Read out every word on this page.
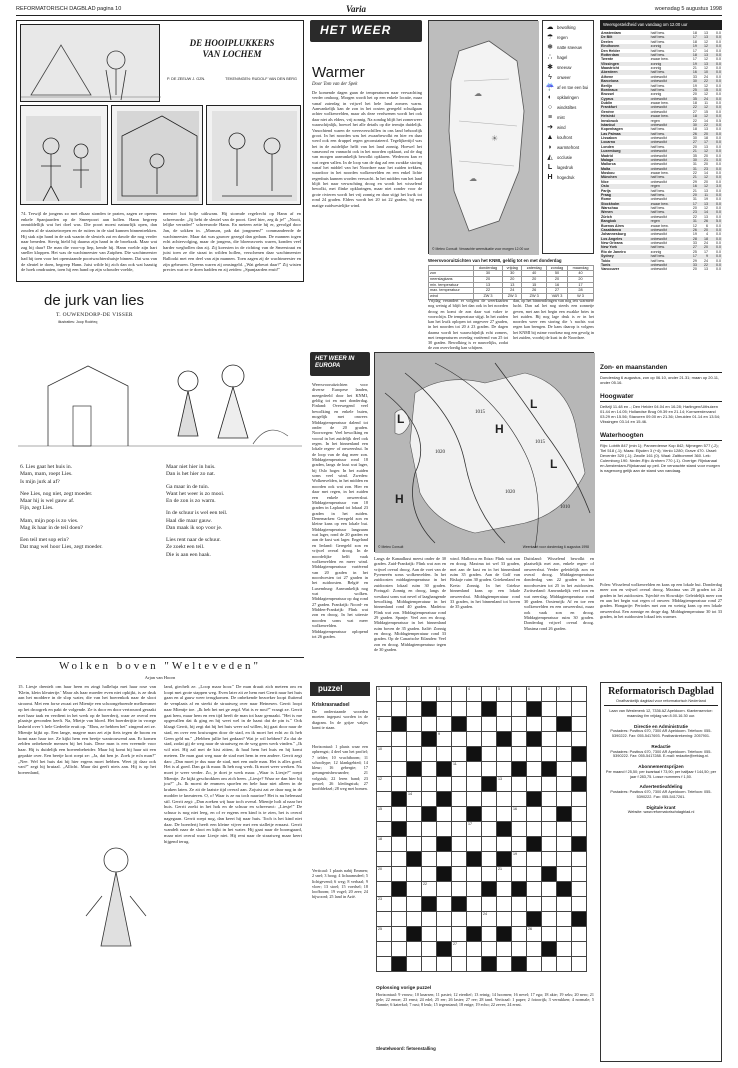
REFORMATORISCH DAGBLAD pagina 10	Varia	woensdag 5 augustus 1998
DE HOOIPLUKKERS
VAN LOCHEM
P. DE ZEEUW J. GZN.	TEKENINGEN: RUDOLF VAN DEN BERG
74. Terwijl de jongens zo met elkaar stonden te praten, zagen ze opeens enkele Spanjaarden op de Smeepoort aan hollen. Hann begreep onmiddellijk wat het doel was. Die poort moest natuurlijk open, dan zouden al de staatsetroepen en de ruiters in de stad kunnen binnentrekken. Hij stak zijn hand in de zak waarin de sleutels zat en dawde die nog verder naar beneden. Stevig hield hij daarna zijn hand in de broekzak. Maar wat zag hij daar? De man die voor-op liep, kende hij. Hann voelde zijn hart sneller kloppen. Het was de wachtmeester van Zutphen. Die wachtmeester had hij toen voor het openstaande poortwachtershuisje binnen. Dat was van de sleutel te doen, begreep Hann. Juist wilde hij zich dan ook wat haastig de hoek omdraaien, toen hij een hand op zijn schouder voelde,
meester hot bolje uitkwam. Hij stormde regelrecht op Hann af en schreeuwde: „Jij hebt de sleutel van de poort. Geef hier, zeg ik je!" „Nooit, lelijke verrader!" schreeuwde Hann. En meteen zette hij er, gevolgd door Jan, de sokken in. „Manson, pak dat jongmens!" commandeerde de wachtmeester. Maar dat was gauwer gezegd dan gedaan. De mannen togen echt achtervolging, maar de jongens, die bloemsvoets waren, konden veel harder weghollen dan zij. Zij koersten in de richting van de Smeestraat en juist toen ze die straat in wilden hollen, verschenen daar wachtmeester Ballooki met een deel van zijn mannen. Toen zagen zij de wachtmeester en zijn gebeuren. Opeens waren zij omsingeld. „Wat gebeurt daar?" Zij wisten precies wat ze te doen hadden en zij zeiden: „Spanjaarden eruit!"
de jurk van lies
T. OUWENDORP-DE VISSER
illustraties: Joop Rodrieq

6. Lies gaat het huis in.
Mam, mam, roept Lies.
Is mijn jurk al af?

Nee Lies, nog niet, zegt moeder.
Maar hij is wel gauw af.
Fijn, zegt Lies.

Mam, mijn pop is zo vies.
Mag ik haar in de teil doen?

Een teil met sop erin?
Dat mag wel hoor Lies, zegt moeder.

Maar niet hier in huis.
Dan is het hier zo nat.

Ga maar in de tuin.
Want het weer is zo mooi.
En de zon is zo warm.

In de schuur is wel een teil.
Haal die maar gauw.
Dan maak ik sop voor je.

Lies rent naar de schuur.
Ze zoekt een teil.
Die is aan een haak.

Wolken boven "Welteveden"
Arjan van Hoorn
15. Liesje drentelt om haar heen en zingt halleluja met haar rose van 'Klein, klein kleuterije.' Maar als haar moeder even niet opkijkt, is ze druk aan het moddere in de slop water, die van het boerenkok naar de sloot stroomt. Met een forse zwaai zet Mientje een schoongeboende melkemmer op het droogrek en pakt de volgende. Ze is door en door vertrouwd geraakt met haar taak en verdient in het werk op de boerderij, waar ze overal een plaatsje gevonden heeft. Na, Mietje van bloed. Het boerderijtie in vroege lasheid over 't hele Gedeelte eruit op. "Ehm, ze hebben het" zingend zei ze. Mientje kijkt op. Een lange, magere man zet zijn fiets tegen de boom en komt naar haar toe. Ze kijkt hem een beetje wantrouwend aan. Er komen zelden onbekende mensen bij het huis. Deze man is een vreemde voor haar. Hij is duidelijk een boerenbeheider. Maar hij komt bij haar uit een gepakte over. Een beetje kort roept ze: „Ja, dat ben je. Zoek je m'n man?" „Nee. Wel het huis dat hij hier ergens moet hebben. Weet jij daar ook van?" zegt hij brutaal. „Allicht. Maar dat geeft niets aan. Hij is op het boerenland,
land, giechelt ze. „Loop maar hoor." De man draait zich meteen om en loopt met grote stappen weg. Even later zit ze hem met Gerrit naar het huis gaan en al gauw weer terugkomen. De onbekende bezoeker loopt fluitend de venplaats af en steekt de straatweg over naar Heinesen. Gerrit loopt naar Mientje toe. „Ik heb het net ge zegd. Wat is er nou?" vraagt ze. Gerrit gaat hem, maar hem en een tijd heeft de man tot haar gemaakt. "Het is me opgevallen dat ik ging en hij weet wel in de haast dat de pin is." Ook klaagt Gerrit, hij zegt dat hij het huis weer zal willen, hij gaat door naar de stad, en over een kruiwagen door de stad, en ik moet het echt zo ik heb Geen geld nu." „Hebben jullie het gedaan? Wat je wil hebben? Zo dat de stad, zodat gij de weg naar de straatweg en de weg geen werk vinden." „Ik wil niet. Hij zal met de kist zitten, ik haal hem het huis en hij komt meteen. De man gaat weg naar de stad met hem in een andere. Gerrit zegt dan: „Dan moet je dus naar de stad, met een oude man. Het is alles goed. Het is al goed. Dan ga ik maar. Ik heb nog werk. Ik moet weer werken. Nu moet je weer verder. Zo, je doet je werk maar. „Waar is Liesje?" roept Mientje. Ze kijkt geschrokken om zich heen. „Liesje? Waar ze dan hier bij jou?" „Is. Ik moest de emmers spoelen en hele haar niet alleen in de kraken laten. Ze zit de laatste tijd overal aan. Zojuist zat ze daar nog in de modder te kneuteren. O, o! Waar is ze nu toch naartoe? Het is nu helemaal stil. Gerrit zegt: „Dan zoeken wij haar toch overal. Mientje holt al naar het huis. Gerrit zoekt in het hok en de schuur en schreeuwt: „Liesje!" De schuur is nog niet leeg, en of er ergens een kind is te zien, het is overal nagegaan. Gerrit roept nog, dan keert hij naar huis. Toch is het kind niet daar. De boerderij heeft een kleine vijver met een stalletje ernaast. Gerrit wandelt naar de sloot en kijkt in het water. Hij gaat naar de boomgaard, maar niet overal waar Liesje niet. Hij rent naar de straatweg maar keert hijgend terug.
HET WEER
Warmer
Door Tom van der Spek
De komende dagen gaan de temperaturen naar verwachting verder omhoog. Morgen wordt het op een enkele locatie, maar vanaf zaterdag in vrijwel het hele land zomers warm. Aanvankelijk kan de zon in het oosten geregeld schuilgaan achter wolkenvelden, maar als deze verdwenen wordt het ook daar niet als elders, vrij zonnig. Na zondag blijft het zomerweer waarschijnlijk, hoewel het alle details op die termijn duidelijk. Vanochtend waren de weersverschillen in ons land behoorlijk groot. In het noorden was het zwaarbewolkt en hier en daar werd ook een druppel regen geconstateerd. Tegelijkertijd was het in de zuidelijke helft van het land zonnig. Hoewel het vanavond en vannacht ook in het noorden opklaart, zal de dag van morgen aanvankelijk bewolkt opklaren. Wederom kan er wat regen vallen. In de loop van de dag zal een zwakke storing vanaf het middel van het Noordzee naar het zuiden trekken, waardoor in het noorden wolkenvelden en een enkel lichte regenbuis kunnen worden verwacht. In het midden van het land blijft het naar verwachting droog en wordt het wisselend bewolkt, met flinke opklaringen, maar niet zonder voor de grote rivieren wordt het vrij zonnig en daar stijgt het kwik tot rond 24 graden. Elders wordt het 20 tot 22 graden, bij een matige zuidwestelijke wind.
☁
☀
☁
© Meteo Consult Verwachte weersituatie voor morgen 12.00 uur
☁ bewolking
☂ regen
❅ natte sneeuw
∴	hagel
✱ sneeuw
ϟ	onweer
☔ af en toe een bui
◐	opklaringen
○	windstiltes
≡	mist
➜ wind
▲ koufront
◗	warmtefront
◭	occlusie
L	lagedruk
H	hogedruk
Weersvooruitzichten van het KNMI, geldig tot en met donderdag
	donderdag	vrijdag	zaterdag	zondag	maandag
zon	30	30	40	50	40
neerslagkans	20	20	20	20	20
min. temperatuur	13	13	15	16	17
max. temperatuur	22	24	26	27	28
wind	ZW 3	ZW 3	ZW 3	VAR 3	W 3
Vrijdag verandert er volgens de weerkaarten nog weinig al blijft het dan ook in het noorden droog en komt de zon daar wat vaker te voorschijn. De temperatuur stijgt. In het zuiden kan het kwik oplopen tot ongeveer 27 graden, in het noorden tot 20 à 23 graden. De dagen daarna wordt het waarschijnlijk echt zomers, met temperaturen overdag variërend van 25 tot 30 graden. Bewolking is er nauwelijks, zodat de zon overvloedig kan schijnen.
dan, op het binnendringen van nog iets warmere lucht. Dan zal het nog steeds een zonnetje geven, met aan het begin een zwakke bries in het zuiden. Bij nog lage druk is er in het noorden weer een storing die 's nachts wat regen kan brengen. De kans daarop is volgens het KNMI bij ruime voorkeur nog een gevolg in het zuiden, voorbij de kust in de Noordzee.
Weersgesteldheid van vandaag om 12.00 uur
Amsterdam	half bew.	18	13	0.0
De Bilt	half bew.	17	13	0.0
Deelen	half bew.	18	12	0.0
Eindhoven	zonnig	19	12	0.0
Den Helder	half bew.	17	14	0.0
Rotterdam	half bew.	18	13	0.0
Twente	zwaar bew.	17	12	0.0
Vlissingen	zonnig	19	13	0.0
Maastricht	zonnig	21	12	0.0
Aberdeen	half bew.	16	10	0.0
Athene	onbewolkt	33	24	0.0
Barcelona	onbewolkt	30	22	0.0
Berlijn	half bew.	19	12	0.0
Bordeaux	half bew.	25	15	0.0
Brussel	zonnig	20	12	0.0
Cyprus	onbewolkt	35	24	0.0
Dublin	zwaar bew.	18	11	0.0
Frankfurt	onbewolkt	22	12	0.0
Genève	onbewolkt	27	15	0.0
Helsinki	zwaar bew.	18	12	0.0
Innsbruck	regen	22	14	0.5
Istanbul	onbewolkt	30	22	0.0
Kopenhagen	half bew.	18	13	0.0
Las Palmas	half bew.	26	20	0.0
Lissabon	onbewolkt	30	18	0.0
Locarno	onbewolkt	27	17	0.0
Londen	half bew.	20	13	0.0
Luxemburg	onbewolkt	21	12	0.0
Madrid	onbewolkt	35	20	0.0
Malaga	onbewolkt	30	21	0.0
Mallorca	onbewolkt	31	20	0.0
Malta	onbewolkt	31	23	0.0
Moskou	zwaar bew.	22	14	0.0
München	half bew.	21	12	0.0
Nice	onbewolkt	29	20	0.0
Oslo	regen	16	12	3.0
Parijs	half bew.	21	13	0.0
Praag	half bew.	20	11	0.0
Rome	onbewolkt	31	19	0.0
Stockholm	zwaar bew.	17	13	0.0
Warschau	half bew.	20	12	0.0
Wenen	half bew.	23	14	0.0
Zürich	onbewolkt	22	13	0.0
Bangkok	regen	31	26	5.0
Buenos Aires	zwaar bew.	12	6	0.0
Casablanca	onbewolkt	26	20	0.0
Johannesburg	onbewolkt	19	4	0.0
Los Angeles	onbewolkt	28	18	0.0
New Orleans	onbewolkt	33	24	0.0
New York	half bew.	27	20	0.0
Rio de Janeiro	zonnig	25	17	0.0
Sydney	half bew.	17	9	0.0
Tokio	half bew.	29	24	0.0
Tunis	onbewolkt	33	22	0.0
Vancouver	onbewolkt	20	13	0.0
HET WEER IN EUROPA
Weersvooruitzichten voor diverse Europese landen, meegedeeld door het KNMI, geldig tot en met donderdag. Finland: Overwegend veel bewolking en enkele buien, mogelijk met onweer. Middagtemperatuur dalend tot onder de 20 graden. Noorwegen: Veel bewolking en vooral in het zuidelijk deel ook regen. In het binnenland een lokale regen- of onweersbui. In de loop van de dag meer zon. Middagtemperatuur rond 18 graden, langs de kust wat lager, bij Oslo hoger. In het zuiden soms veel wind. Zweden: Wolkenvelden, in het midden en noorden ook wat zon. Hier en daar met regen, in het zuiden een enkele onweersbui. Middagtemperatuur van 18 graden in Lapland tot lokaal 23 graden in het zuiden. Denemarken: Geregeld zon en kleine kans op een lokale bui. Middagtemperatuur langzaam wat lager, rond de 20 graden en aan de kust wat lager. Engeland en Ierland: Geregeld zon en vrijwel overal droog. In de noordelijke helft vaak wolkenvelden en meer wind. Middagtemperatuur variërend van 20 graden in het noordwesten tot 27 graden in het zuidoosten. België en Luxemburg: Aanvankelijk nog wat wolken. Middagtemperatuur op dag rond 27 graden. Frankrijk: Noord- en Midden-Frankrijk: Flink wat zon en droog. In het uiterste noorden soms wat meer wolkenvelden. Middagtemperatuur oplopend tot 26 graden.
L
H
H
L
L
1020
1020
1015
1015
1010
© Meteo Consult	Weerkaart voor donderdag 6 augustus 1998
Langs de Kanaalkust meest onder de 30 graden. Zuid-Frankrijk: Flink wat zon en vrijwel overal droog. Aan de voet van de Pyreneeën soms wolkenvelden. In het zuidoosten middagtemperatuur in het zuidoosten lokaal ruim 30 graden. Portugal: Zonnig en droog, langs de westkust soms wat nevel of laaghangende bewolking. Middagtemperatuur in het binnenland rond 40 graden. Madeira: Flink wat zon. Middagtemperatuur rond 29 graden. Spanje: Veel zon en droog. Middagtemperatuur in het binnenland ruim boven de 35 graden. Italië: Zonnig en droog. Middagtemperatuur rond 33 graden. Op de Canarische Eilanden: Veel zon en droog. Middagtemperatuur tegen de 30 graden.
wind. Mallorca en Ibiza: Flink wat zon en droog. Maxima tot wel 33 graden, met aan de kust en in het binnenland ruim 35 graden. Aan de Golf van Biskaje ruim 30 graden. Griekenland en Kreta: Zonnig. In het Griekse binnenland kans op een lokale onweersbui. Middagtemperatuur rond 33 graden, in het binnenland tot boven de 35 graden.
Duitsland: Wisselend bewolkt en plaatselijk met zon, enkele regen- of onweersbui. Verder geleidelijk zon en overal droog. Middagtemperatuur donderdag van 22 graden in het noordwesten tot 25 in het zuidoosten. Zwitserland: Aanvankelijk veel zon en wat neerslag. Middagtemperatuur rond 30 graden. Oostenrijk: Af en toe een wolkenvelden en een onweersbui, maar ook vaak zon en droog. Middagtemperatuur ruim 30 graden. Donderdag vrijwel overal droog. Maxima rond 26 graden.
Zon- en maanstanden
Donderdag 6 augustus, zon op 06.10, onder 21.31; maan op 20.11, onder 05.16.
Hoogwater
Delfzijl 11.48 en -; Den Helder 04.04 en 16.28; Harlingen/Uithuizen 01.44 en 14.05; Hollandse Brug 09.39 en 21.14; Kornwerderzand 03.29 en 15.56; Stavoren 09.00 en 21.36; IJmuiden 01.14 en 13.54; Vlissingen 03.14 en 15.46.
Waterhoogten
Rijn: Lobith 847 (min 1); Pannerdense Kop 842; Nijmegen 577 (-2); Tiel 518 (-1); Maas: Eijsden 3 (+4); Venlo 1280; Grave 470. IJssel: Deventer 320 (-1); Zwolle 161 (0). Waal: Zaltbommel 360. Lek: Culemborg 190. Neder-Rijn: Arnhem 770 (-1). Overige: Rijnkanaal en Amsterdam-Rijnkanaal op peil. De verwachte stand voor morgen is nagenoeg gelijk aan de stand van vandaag.
Polen: Wisselend wolkenvelden en kans op een lokale bui. Donderdag meer zon en vrijwel overal droog. Maxima van 20 graden tot 24 graden in het zuidoosten. Tsjechië en Slowakije: Geleidelijk meer zon en aan het begin wat regen of onweer. Middagtemperatuur rond 27 graden. Hongarije: Periodes met zon en weinig kans op een lokale onweersbui. Een zonnige en droge dag. Middagtemperatuur 30 tot 33 graden, in het zuidoosten lokaal iets warmer.
puzzel
Kriskrasraadsel
De onderstaande woorden moeten ingepast worden in de diagram. In de grijze vakjes komt te staan.
Horizontaal: 1 plaats waar een opbrengst; 4 deel van het profiel; 7 telder; 10 vruchtboom; 11 schooltype; 12 klankgebied; 14 kleur; 16 gebergte; 17 gevangenisbewaarder; 21 volgstuk; 22 leren band; 23 gevoel; 26 kledingstuk; 27 hoofddeksel; 28 weg met bomen.
Verticaal: 1 plaats nabij Emmen; 2 snel; 3 hoog; 4 lichaamsdeel; 5 lichtgevend; 6 weg; 8 verhaal; 9 vloer; 13 stoel; 15 voedsel; 18 loofboom; 19 vogel; 20 zeer; 24 bijwoord; 25 land in Azië.
1		2		3		4		5		6		7	

8													

				9									

10													

					11								

12								13					

		14											

15									16				

						17							

18													

									19				

20								21					

			22										

23													

							24						

25										26			

					27								

Oplossing vorige puzzel
Horizontaal: 9 vrouw; 10 knarsen; 11 pastei; 12 eierdief; 13 reinig; 14 hoornen; 16 nevel; 17 ega; 18 akte; 19 seks; 20 nero; 21 gele; 22 emoe; 23 ernst; 24 edel; 25 eer; 26 laster; 27 ree; 28 tand. Verticaal: 1 paper; 2 fotoorijk; 3 verrukken; 4 normale; 5 Nannie; 6 katerkol; 7 rust; 8 leuk; 15 tegenstand; 18 enige; 19 echo; 22 zever; 24 ernst.
Sleutelwoord: fietsenstalling
Reformatorisch Dagblad
Onafhankelijk dagblad voor reformatorisch Nederland
Laan van Westenenk 12, 7336 AZ Apeldoorn. Klantenservice: maandag t/m vrijdag van 8.00-16.30 uur.
Directie en Administratie
Postadres: Postbus 670, 7300 AR Apeldoorn. Telefoon: 055-5390222. Fax: 055-5417693. Postbankrekening: 2057901.
Redactie
Postadres: Postbus 670, 7300 AR Apeldoorn. Telefoon: 055-5390222. Fax: 055-5417288. E-mail: redactie@refdag.nl.
Abonnementsprijzen
Per maand f 25,50; per kwartaal f 73,90; per halfjaar f 144,50; per jaar f 283,75. Losse nummers f 1,50.
Advertentieafdeling
Postadres: Postbus 670, 7300 AR Apeldoorn. Telefoon: 055-5390222. Fax: 055-5417261.
Digitale krant
Website: www.reformatorischdagblad.nl
